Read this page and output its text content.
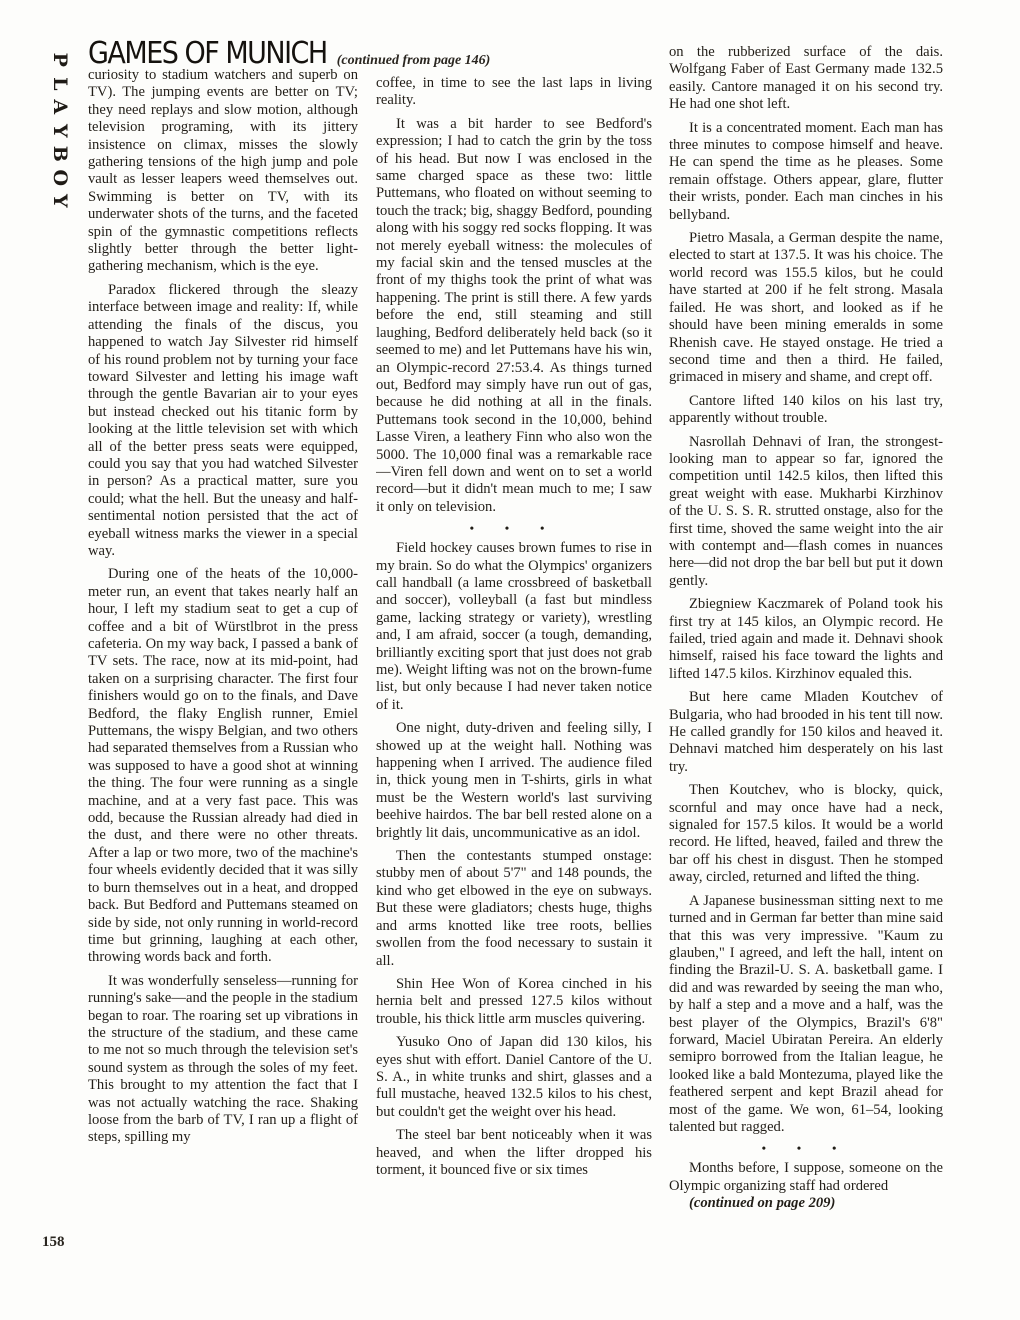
P
L
A
Y
B
O
Y
158
GAMES OF MUNICH (continued from page 146)

curiosity to stadium watchers and superb on TV). The jumping events are better on TV; they need replays and slow motion, although television programing, with its jittery insistence on climax, misses the slowly gathering tensions of the high jump and pole vault as lesser leapers weed themselves out. Swimming is better on TV, with its underwater shots of the turns, and the faceted spin of the gymnastic competitions reflects slightly better through the better light-gathering mechanism, which is the eye.

Paradox flickered through the sleazy interface between image and reality: If, while attending the finals of the discus, you happened to watch Jay Silvester rid himself of his round problem not by turning your face toward Silvester and letting his image waft through the gentle Bavarian air to your eyes but instead checked out his titanic form by looking at the little television set with which all of the better press seats were equipped, could you say that you had watched Silvester in person? As a practical matter, sure you could; what the hell. But the uneasy and half-sentimental notion persisted that the act of eyeball witness marks the viewer in a special way.

During one of the heats of the 10,000-meter run, an event that takes nearly half an hour, I left my stadium seat to get a cup of coffee and a bit of Würstlbrot in the press cafeteria. On my way back, I passed a bank of TV sets. The race, now at its mid-point, had taken on a surprising character. The first four finishers would go on to the finals, and Dave Bedford, the flaky English runner, Emiel Puttemans, the wispy Belgian, and two others had separated themselves from a Russian who was supposed to have a good shot at winning the thing. The four were running as a single machine, and at a very fast pace. This was odd, because the Russian already had died in the dust, and there were no other threats. After a lap or two more, two of the machine's four wheels evidently decided that it was silly to burn themselves out in a heat, and dropped back. But Bedford and Puttemans steamed on side by side, not only running in world-record time but grinning, laughing at each other, throwing words back and forth.

It was wonderfully senseless—running for running's sake—and the people in the stadium began to roar. The roaring set up vibrations in the structure of the stadium, and these came to me not so much through the television set's sound system as through the soles of my feet. This brought to my attention the fact that I was not actually watching the race. Shaking loose from the barb of TV, I ran up a flight of steps, spilling my

coffee, in time to see the last laps in living reality.

It was a bit harder to see Bedford's expression; I had to catch the grin by the toss of his head. But now I was enclosed in the same charged space as these two: little Puttemans, who floated on without seeming to touch the track; big, shaggy Bedford, pounding along with his soggy red socks flopping. It was not merely eyeball witness: the molecules of my facial skin and the tensed muscles at the front of my thighs took the print of what was happening. The print is still there. A few yards before the end, still steaming and still laughing, Bedford deliberately held back (so it seemed to me) and let Puttemans have his win, an Olympic-record 27:53.4. As things turned out, Bedford may simply have run out of gas, because he did nothing at all in the finals. Puttemans took second in the 10,000, behind Lasse Viren, a leathery Finn who also won the 5000. The 10,000 final was a remarkable race—Viren fell down and went on to set a world record—but it didn't mean much to me; I saw it only on television.

• • •

Field hockey causes brown fumes to rise in my brain. So do what the Olympics' organizers call handball (a lame crossbreed of basketball and soccer), volleyball (a fast but mindless game, lacking strategy or variety), wrestling and, I am afraid, soccer (a tough, demanding, brilliantly exciting sport that just does not grab me). Weight lifting was not on the brown-fume list, but only because I had never taken notice of it.

One night, duty-driven and feeling silly, I showed up at the weight hall. Nothing was happening when I arrived. The audience filed in, thick young men in T-shirts, girls in what must be the Western world's last surviving beehive hairdos. The bar bell rested alone on a brightly lit dais, uncommunicative as an idol.

Then the contestants stumped onstage: stubby men of about 5'7" and 148 pounds, the kind who get elbowed in the eye on subways. But these were gladiators; chests huge, thighs and arms knotted like tree roots, bellies swollen from the food necessary to sustain it all.

Shin Hee Won of Korea cinched in his hernia belt and pressed 127.5 kilos without trouble, his thick little arm muscles quivering.

Yusuko Ono of Japan did 130 kilos, his eyes shut with effort. Daniel Cantore of the U. S. A., in white trunks and shirt, glasses and a full mustache, heaved 132.5 kilos to his chest, but couldn't get the weight over his head.

The steel bar bent noticeably when it was heaved, and when the lifter dropped his torment, it bounced five or six times

on the rubberized surface of the dais. Wolfgang Faber of East Germany made 132.5 easily. Cantore managed it on his second try. He had one shot left.

It is a concentrated moment. Each man has three minutes to compose himself and heave. He can spend the time as he pleases. Some remain offstage. Others appear, glare, flutter their wrists, ponder. Each man cinches in his bellyband.

Pietro Masala, a German despite the name, elected to start at 137.5. It was his choice. The world record was 155.5 kilos, but he could have started at 200 if he felt strong. Masala failed. He was short, and looked as if he should have been mining emeralds in some Rhenish cave. He stayed onstage. He tried a second time and then a third. He failed, grimaced in misery and shame, and crept off.

Cantore lifted 140 kilos on his last try, apparently without trouble.

Nasrollah Dehnavi of Iran, the strongest-looking man to appear so far, ignored the competition until 142.5 kilos, then lifted this great weight with ease. Mukharbi Kirzhinov of the U. S. S. R. strutted onstage, also for the first time, shoved the same weight into the air with contempt and—flash comes in nuances here—did not drop the bar bell but put it down gently.

Zbiegniew Kaczmarek of Poland took his first try at 145 kilos, an Olympic record. He failed, tried again and made it. Dehnavi shook himself, raised his face toward the lights and lifted 147.5 kilos. Kirzhinov equaled this.

But here came Mladen Koutchev of Bulgaria, who had brooded in his tent till now. He called grandly for 150 kilos and heaved it. Dehnavi matched him desperately on his last try.

Then Koutchev, who is blocky, quick, scornful and may once have had a neck, signaled for 157.5 kilos. It would be a world record. He lifted, heaved, failed and threw the bar off his chest in disgust. Then he stomped away, circled, returned and lifted the thing.

A Japanese businessman sitting next to me turned and in German far better than mine said that this was very impressive. "Kaum zu glauben," I agreed, and left the hall, intent on finding the Brazil-U. S. A. basketball game. I did and was rewarded by seeing the man who, by half a step and a move and a half, was the best player of the Olympics, Brazil's 6'8" forward, Maciel Ubiratan Pereira. An elderly semipro borrowed from the Italian league, he looked like a bald Montezuma, played like the feathered serpent and kept Brazil ahead for most of the game. We won, 61–54, looking talented but ragged.

• • •

Months before, I suppose, someone on the Olympic organizing staff had ordered

(continued on page 209)
